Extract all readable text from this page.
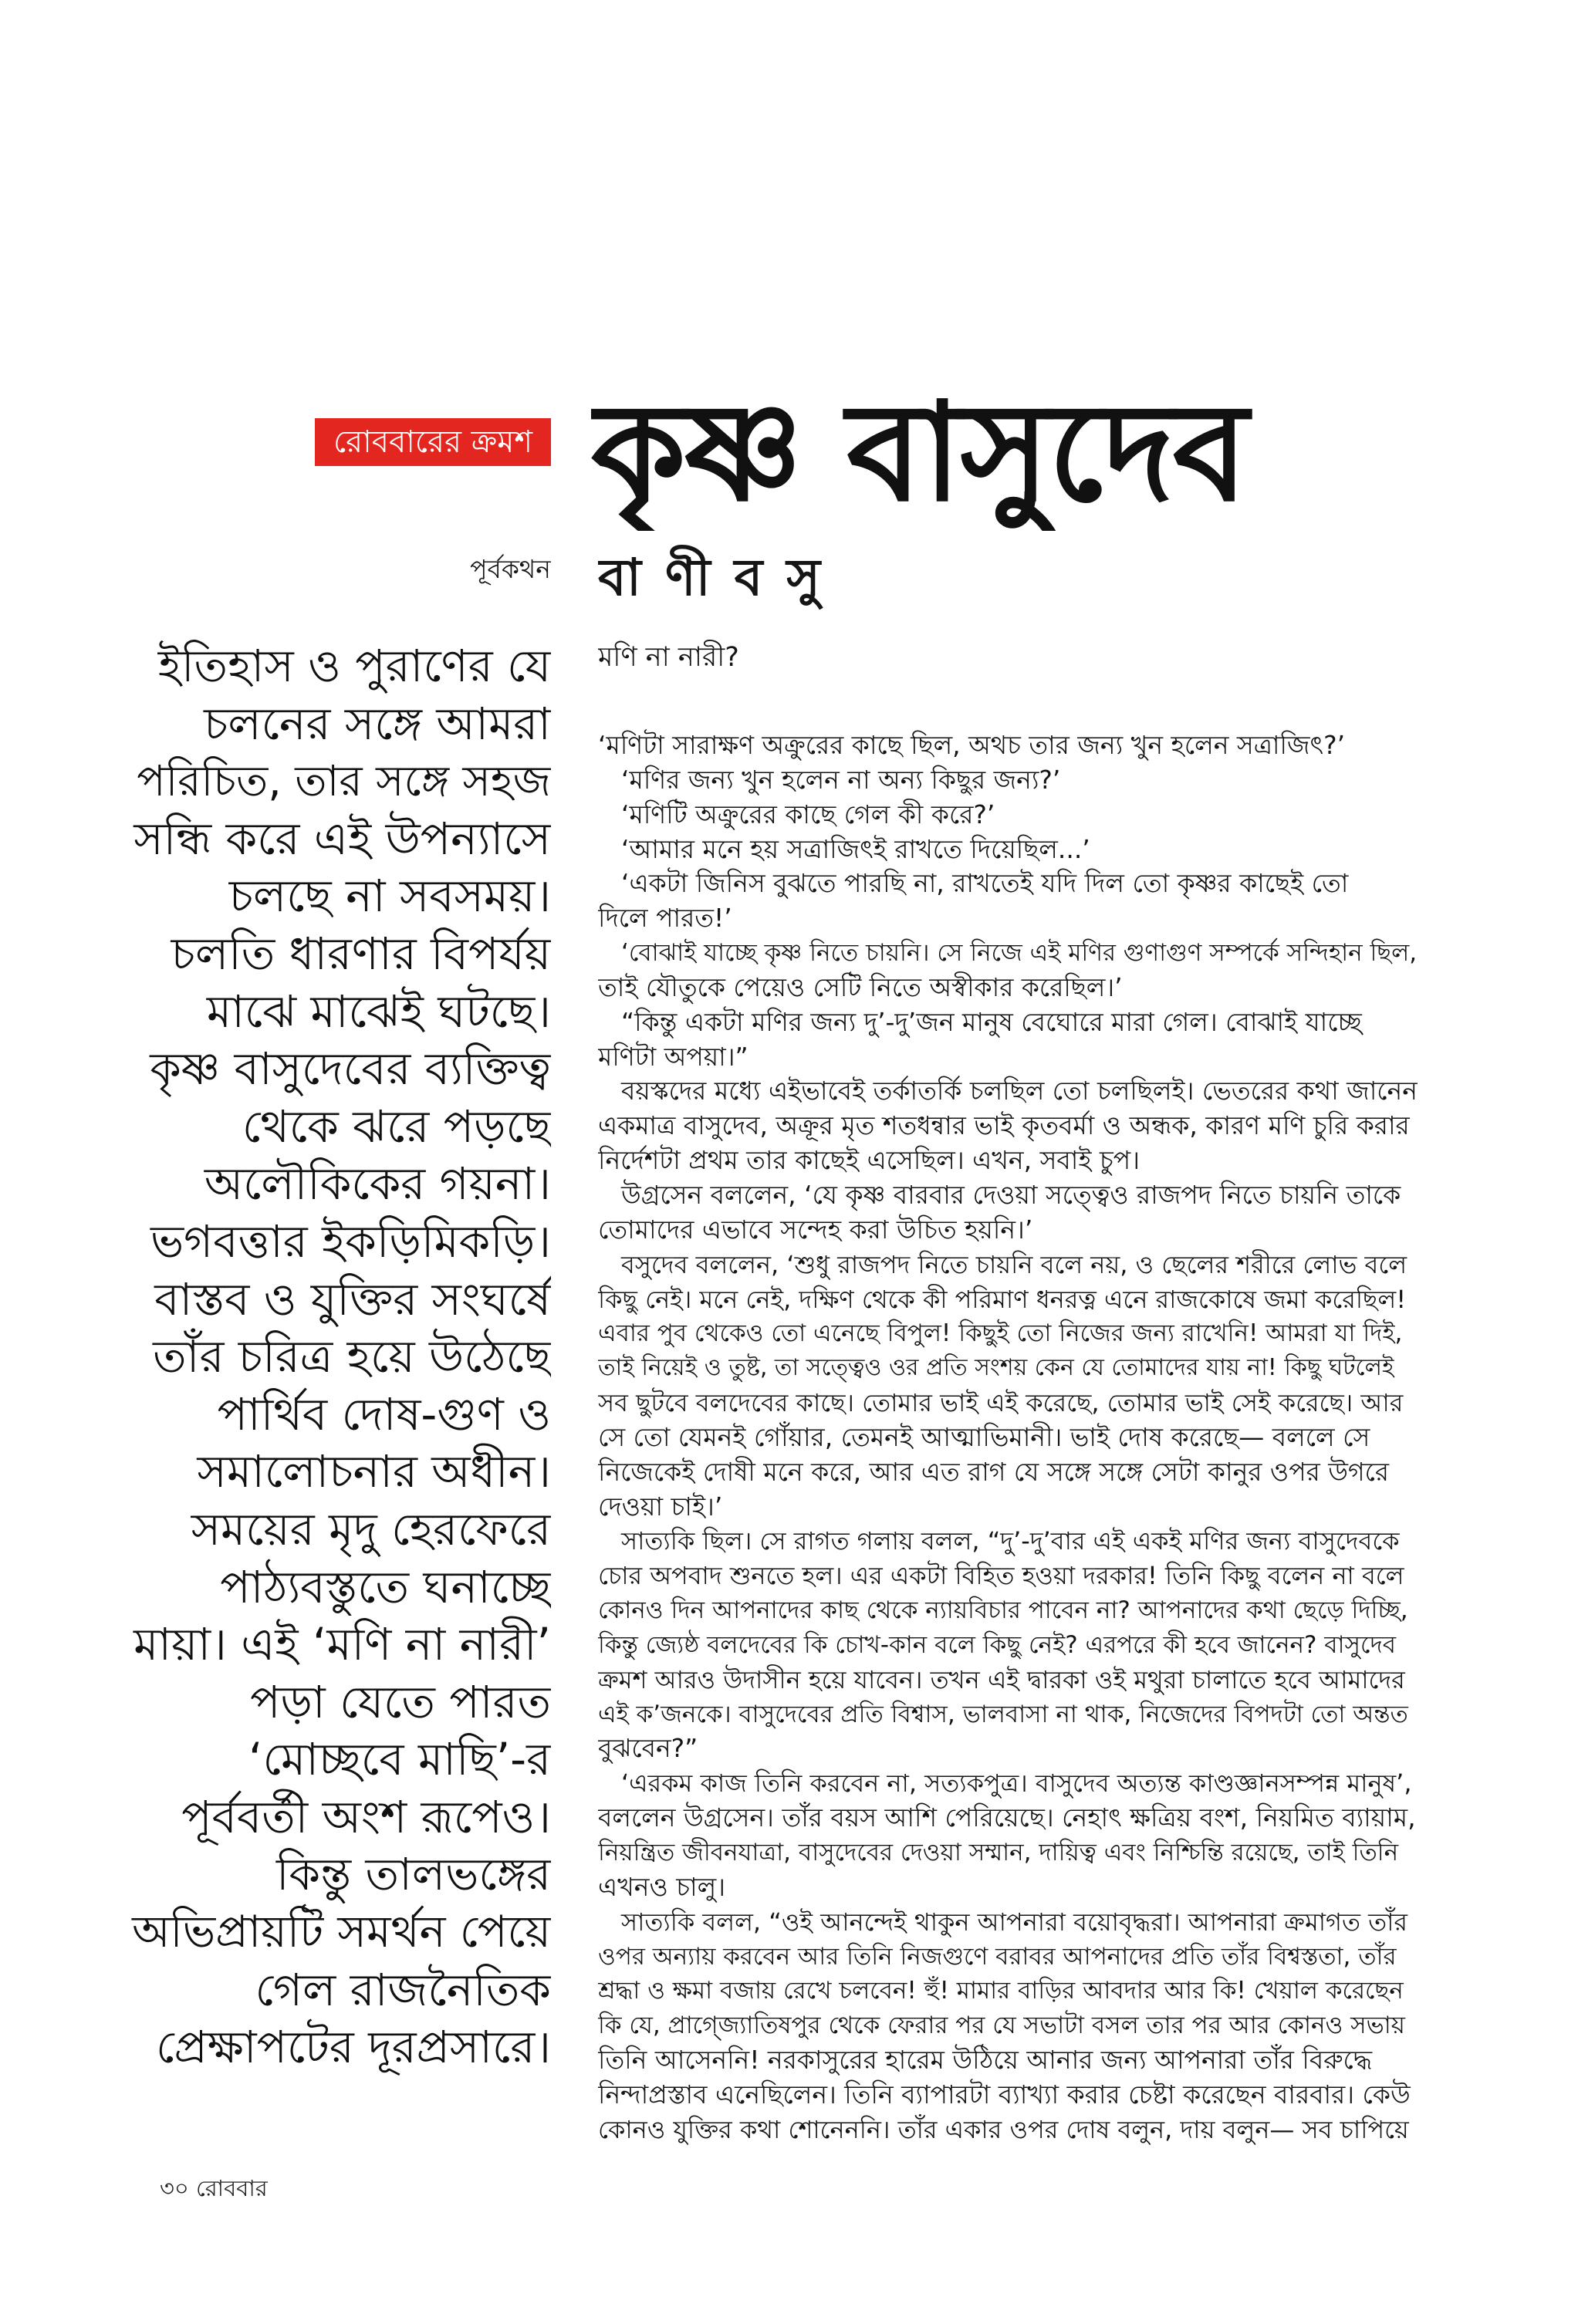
রোববারের ক্রমশ কৃষ্ণ বাসুদেব
পূর্বকথন বা ণী ব সু
ইতিহাস ও পুরাণের যে
চলনের সঙ্গে আমরা
পরিচিত, তার সঙ্গে সহজ
সন্ধি করে এই উপন্যাসে
চলছে না সবসময়।
চলতি ধারণার বিপর্যয়
মাঝে মাঝেই ঘটছে।
কৃষ্ণ বাসুদেবের ব্যক্তিত্ব
থেকে ঝরে পড়ছে
অলৌকিকের গয়না।
ভগবত্তার ইকড়িমিকড়ি।
বাস্তব ও যুক্তির সংঘর্ষে
তাঁর চরিত্র হয়ে উঠেছে
পার্থিব দোষ-গুণ ও
সমালোচনার অধীন।
সময়ের মৃদু হেরফেরে
পাঠ্যবস্তুতে ঘনাচ্ছে
মায়া। এই ‘মণি না নারী’
পড়া যেতে পারত
‘মোচ্ছবে মাছি’-র
পূর্ববর্তী অংশ রূপেও।
কিন্তু তালভঙ্গের
অভিপ্রায়টি সমর্থন পেয়ে
গেল রাজনৈতিক
প্রেক্ষাপটের দূরপ্রসারে।
মণি না নারী?
‘মণিটা সারাক্ষণ অক্রুরের কাছে ছিল, অথচ তার জন্য খুন হলেন সত্রাজিৎ?’
‘মণির জন্য খুন হলেন না অন্য কিছুর জন্য?’
‘মণিটি অক্রুরের কাছে গেল কী করে?’
‘আমার মনে হয় সত্রাজিৎই রাখতে দিয়েছিল...’
‘একটা জিনিস বুঝতে পারছি না, রাখতেই যদি দিল তো কৃষ্ণর কাছেই তো
দিলে পারত!’
‘বোঝাই যাচ্ছে কৃষ্ণ নিতে চায়নি। সে নিজে এই মণির গুণাগুণ সম্পর্কে সন্দিহান ছিল,
তাই যৌতুকে পেয়েও সেটি নিতে অস্বীকার করেছিল।’
“কিন্তু একটা মণির জন্য দু’-দু’জন মানুষ বেঘোরে মারা গেল। বোঝাই যাচ্ছে
মণিটা অপয়া।”
বয়স্কদের মধ্যে এইভাবেই তর্কাতর্কি চলছিল তো চলছিলই। ভেতরের কথা জানেন
একমাত্র বাসুদেব, অক্রূর মৃত শতধন্বার ভাই কৃতবর্মা ও অন্ধক, কারণ মণি চুরি করার
নির্দেশটা প্রথম তার কাছেই এসেছিল। এখন, সবাই চুপ।
উগ্রসেন বললেন, ‘যে কৃষ্ণ বারবার দেওয়া সত্ত্বেও রাজপদ নিতে চায়নি তাকে
তোমাদের এভাবে সন্দেহ করা উচিত হয়নি।’
বসুদেব বললেন, ‘শুধু রাজপদ নিতে চায়নি বলে নয়, ও ছেলের শরীরে লোভ বলে
কিছু নেই। মনে নেই, দক্ষিণ থেকে কী পরিমাণ ধনরত্ন এনে রাজকোষে জমা করেছিল!
এবার পুব থেকেও তো এনেছে বিপুল! কিছুই তো নিজের জন্য রাখেনি! আমরা যা দিই,
তাই নিয়েই ও তুষ্ট, তা সত্ত্বেও ওর প্রতি সংশয় কেন যে তোমাদের যায় না! কিছু ঘটলেই
সব ছুটবে বলদেবের কাছে। তোমার ভাই এই করেছে, তোমার ভাই সেই করেছে। আর
সে তো যেমনই গোঁয়ার, তেমনই আত্মাভিমানী। ভাই দোষ করেছে— বললে সে
নিজেকেই দোষী মনে করে, আর এত রাগ যে সঙ্গে সঙ্গে সেটা কানুর ওপর উগরে
দেওয়া চাই।’
সাত্যকি ছিল। সে রাগত গলায় বলল, “দু’-দু’বার এই একই মণির জন্য বাসুদেবকে
চোর অপবাদ শুনতে হল। এর একটা বিহিত হওয়া দরকার! তিনি কিছু বলেন না বলে
কোনও দিন আপনাদের কাছ থেকে ন্যায়বিচার পাবেন না? আপনাদের কথা ছেড়ে দিচ্ছি,
কিন্তু জ্যেষ্ঠ বলদেবের কি চোখ-কান বলে কিছু নেই? এরপরে কী হবে জানেন? বাসুদেব
ক্রমশ আরও উদাসীন হয়ে যাবেন। তখন এই দ্বারকা ওই মথুরা চালাতে হবে আমাদের
এই ক’জনকে। বাসুদেবের প্রতি বিশ্বাস, ভালবাসা না থাক, নিজেদের বিপদটা তো অন্তত
বুঝবেন?”
‘এরকম কাজ তিনি করবেন না, সত্যকপুত্র। বাসুদেব অত্যন্ত কাণ্ডজ্ঞানসম্পন্ন মানুষ’,
বললেন উগ্রসেন। তাঁর বয়স আশি পেরিয়েছে। নেহাৎ ক্ষত্রিয় বংশ, নিয়মিত ব্যায়াম,
নিয়ন্ত্রিত জীবনযাত্রা, বাসুদেবের দেওয়া সম্মান, দায়িত্ব এবং নিশ্চিন্তি রয়েছে, তাই তিনি
এখনও চালু।
সাত্যকি বলল, “ওই আনন্দেই থাকুন আপনারা বয়োবৃদ্ধরা। আপনারা ক্রমাগত তাঁর
ওপর অন্যায় করবেন আর তিনি নিজগুণে বরাবর আপনাদের প্রতি তাঁর বিশ্বস্ততা, তাঁর
শ্রদ্ধা ও ক্ষমা বজায় রেখে চলবেন! হুঁ! মামার বাড়ির আবদার আর কি! খেয়াল করেছেন
কি যে, প্রাগ্জ্যোতিষপুর থেকে ফেরার পর যে সভাটা বসল তার পর আর কোনও সভায়
তিনি আসেননি! নরকাসুরের হারেম উঠিয়ে আনার জন্য আপনারা তাঁর বিরুদ্ধে
নিন্দাপ্রস্তাব এনেছিলেন। তিনি ব্যাপারটা ব্যাখ্যা করার চেষ্টা করেছেন বারবার। কেউ
কোনও যুক্তির কথা শোনেননি। তাঁর একার ওপর দোষ বলুন, দায় বলুন— সব চাপিয়ে
৩০ রোববার
